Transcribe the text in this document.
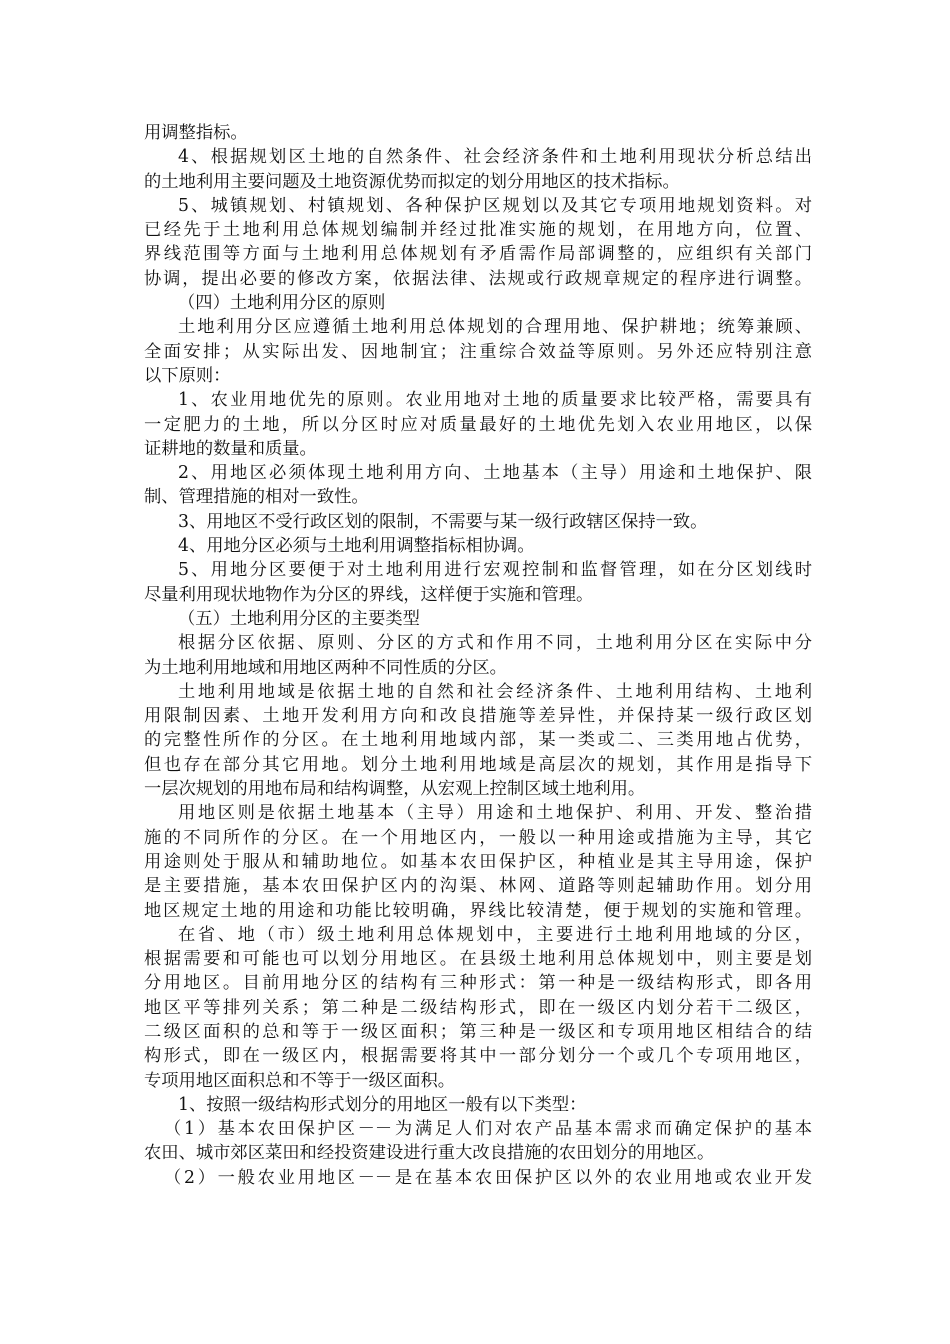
用调整指标。
4、根据规划区土地的自然条件、社会经济条件和土地利用现状分析总结出
的土地利用主要问题及土地资源优势而拟定的划分用地区的技术指标。
5、城镇规划、村镇规划、各种保护区规划以及其它专项用地规划资料。对
已经先于土地利用总体规划编制并经过批准实施的规划，在用地方向，位置、
界线范围等方面与土地利用总体规划有矛盾需作局部调整的，应组织有关部门
协调，提出必要的修改方案，依据法律、法规或行政规章规定的程序进行调整。
（四）土地利用分区的原则
土地利用分区应遵循土地利用总体规划的合理用地、保护耕地；统筹兼顾、
全面安排；从实际出发、因地制宜；注重综合效益等原则。另外还应特别注意
以下原则：
1、农业用地优先的原则。农业用地对土地的质量要求比较严格，需要具有
一定肥力的土地，所以分区时应对质量最好的土地优先划入农业用地区，以保
证耕地的数量和质量。
2、用地区必须体现土地利用方向、土地基本（主导）用途和土地保护、限
制、管理措施的相对一致性。
3、用地区不受行政区划的限制，不需要与某一级行政辖区保持一致。
4、用地分区必须与土地利用调整指标相协调。
5、用地分区要便于对土地利用进行宏观控制和监督管理，如在分区划线时
尽量利用现状地物作为分区的界线，这样便于实施和管理。
（五）土地利用分区的主要类型
根据分区依据、原则、分区的方式和作用不同，土地利用分区在实际中分
为土地利用地域和用地区两种不同性质的分区。
土地利用地域是依据土地的自然和社会经济条件、土地利用结构、土地利
用限制因素、土地开发利用方向和改良措施等差异性，并保持某一级行政区划
的完整性所作的分区。在土地利用地域内部，某一类或二、三类用地占优势，
但也存在部分其它用地。划分土地利用地域是高层次的规划，其作用是指导下
一层次规划的用地布局和结构调整，从宏观上控制区域土地利用。
用地区则是依据土地基本（主导）用途和土地保护、利用、开发、整治措
施的不同所作的分区。在一个用地区内，一般以一种用途或措施为主导，其它
用途则处于服从和辅助地位。如基本农田保护区，种植业是其主导用途，保护
是主要措施，基本农田保护区内的沟渠、林网、道路等则起辅助作用。划分用
地区规定土地的用途和功能比较明确，界线比较清楚，便于规划的实施和管理。
在省、地（市）级土地利用总体规划中，主要进行土地利用地域的分区，
根据需要和可能也可以划分用地区。在县级土地利用总体规划中，则主要是划
分用地区。目前用地分区的结构有三种形式：第一种是一级结构形式，即各用
地区平等排列关系；第二种是二级结构形式，即在一级区内划分若干二级区，
二级区面积的总和等于一级区面积；第三种是一级区和专项用地区相结合的结
构形式，即在一级区内，根据需要将其中一部分划分一个或几个专项用地区，
专项用地区面积总和不等于一级区面积。
1、按照一级结构形式划分的用地区一般有以下类型：
（1）基本农田保护区－－为满足人们对农产品基本需求而确定保护的基本
农田、城市郊区菜田和经投资建设进行重大改良措施的农田划分的用地区。
（2）一般农业用地区－－是在基本农田保护区以外的农业用地或农业开发
